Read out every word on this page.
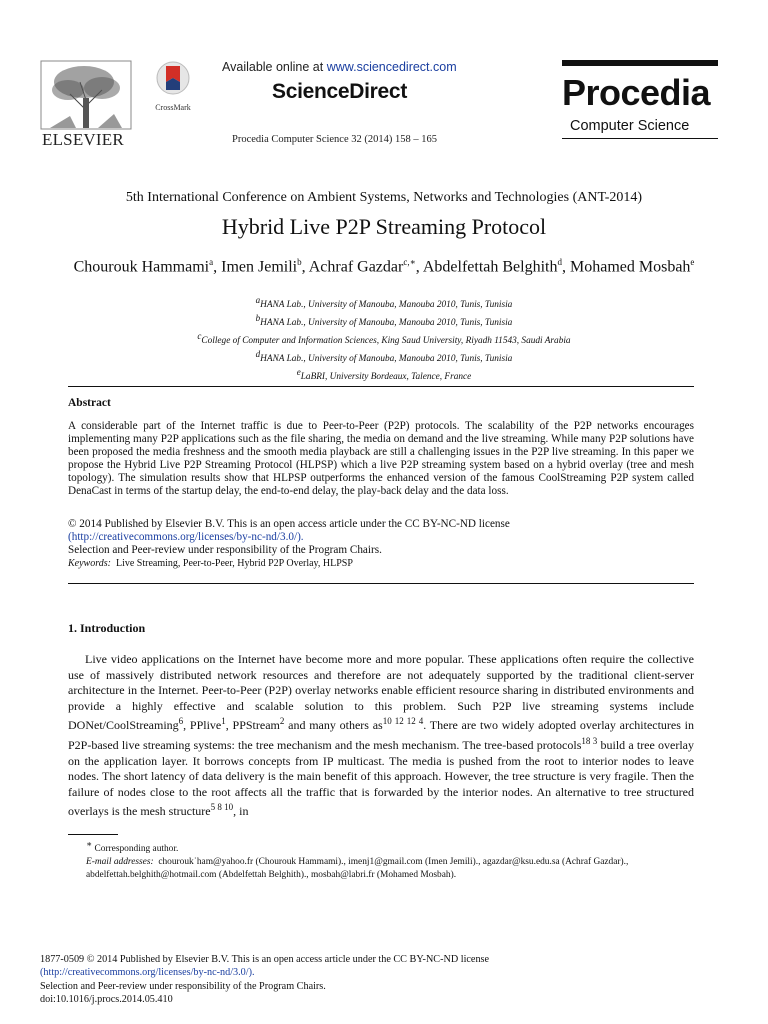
ELSEVIER
CrossMark
Available online at www.sciencedirect.com
ScienceDirect
Procedia Computer Science 32 (2014) 158 – 165
Procedia
Computer Science
5th International Conference on Ambient Systems, Networks and Technologies (ANT-2014)
Hybrid Live P2P Streaming Protocol
Chourouk Hammami$^a$, Imen Jemili$^b$, Achraf Gazdar$^{c,∗}$, Abdelfettah Belghith$^d$, Mohamed Mosbah$^e$
$^a$HANA Lab., University of Manouba, Manouba 2010, Tunis, Tunisia
$^b$HANA Lab., University of Manouba, Manouba 2010, Tunis, Tunisia
$^c$College of Computer and Information Sciences, King Saud University, Riyadh 11543, Saudi Arabia
$^d$HANA Lab., University of Manouba, Manouba 2010, Tunis, Tunisia
$^e$LaBRI, University Bordeaux, Talence, France
Abstract
A considerable part of the Internet traffic is due to Peer-to-Peer (P2P) protocols. The scalability of the P2P networks encourages implementing many P2P applications such as the file sharing, the media on demand and the live streaming. While many P2P solutions have been proposed the media freshness and the smooth media playback are still a challenging issues in the P2P live streaming. In this paper we propose the Hybrid Live P2P Streaming Protocol (HLPSP) which a live P2P streaming system based on a hybrid overlay (tree and mesh topology). The simulation results show that HLPSP outperforms the enhanced version of the famous CoolStreaming P2P system called DenaCast in terms of the startup delay, the end-to-end delay, the play-back delay and the data loss.
© 2014 Published by Elsevier B.V. This is an open access article under the CC BY-NC-ND license
(http://creativecommons.org/licenses/by-nc-nd/3.0/).
Selection and Peer-review under responsibility of the Program Chairs.
Keywords: Live Streaming, Peer-to-Peer, Hybrid P2P Overlay, HLPSP
1. Introduction

Live video applications on the Internet have become more and more popular. These applications often require the collective use of massively distributed network resources and therefore are not adequately supported by the traditional client-server architecture in the Internet. Peer-to-Peer (P2P) overlay networks enable efficient resource sharing in distributed environments and provide a highly effective and scalable solution to this problem. Such P2P live streaming systems include DONet/CoolStreaming$^6$, PPlive$^1$, PPStream$^2$ and many others $as^{10 12 12 4}$. There are two widely adopted overlay architectures in P2P-based live streaming systems: the tree mechanism and the mesh mechanism. The tree-based protocols$^{18 3}$ build a tree overlay on the application layer. It borrows concepts from IP multicast. The media is pushed from the root to interior nodes to leave nodes. The short latency of data delivery is the main benefit of this approach. However, the tree structure is very fragile. Then the failure of nodes close to the root affects all the traffic that is forwarded by the interior nodes. An alternative to tree structured overlays is the mesh structure$^{5 8 10}$, in

∗ Corresponding author.
E-mail addresses: chourouk˙ham@yahoo.fr (Chourouk Hammami)., imenj1@gmail.com (Imen Jemili)., agazdar@ksu.edu.sa (Achraf Gazdar)., abdelfettah.belghith@hotmail.com (Abdelfettah Belghith)., mosbah@labri.fr (Mohamed Mosbah).
1877-0509 © 2014 Published by Elsevier B.V. This is an open access article under the CC BY-NC-ND license
(http://creativecommons.org/licenses/by-nc-nd/3.0/).
Selection and Peer-review under responsibility of the Program Chairs.
doi:10.1016/j.procs.2014.05.410
